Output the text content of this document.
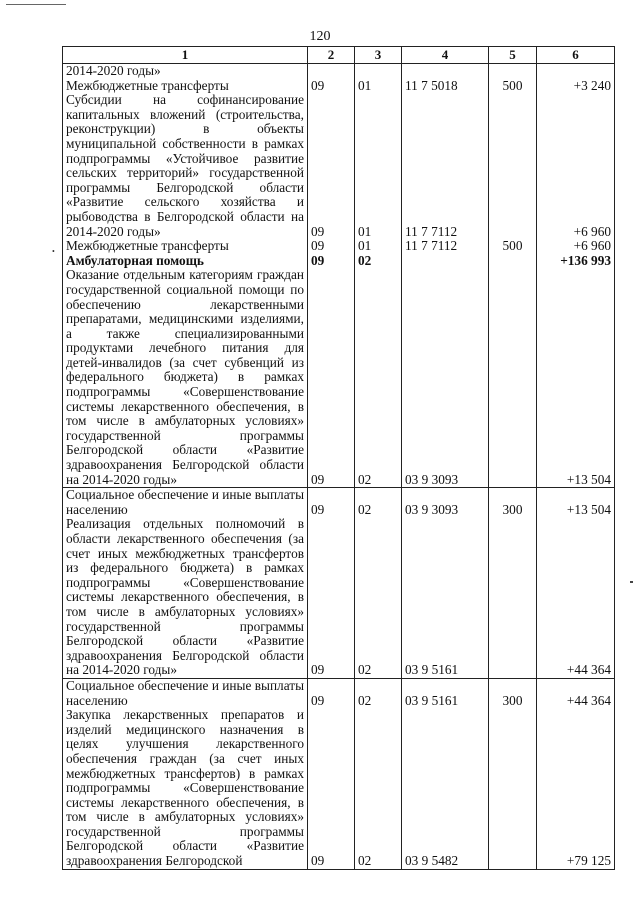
120
•
1	2	3	4	5	6
2014-2020 годы»					
Межбюджетные трансферты	09	01	11 7 5018	500	+3 240
Субсидии на софинансирование капитальных вложений (строительства, реконструкции) в объекты муниципальной собственности в рамках подпрограммы «Устойчивое развитие сельских территорий» государственной программы Белгородской области «Развитие сельского хозяйства и рыбоводства в Белгородской области на 2014-2020 годы»	09	01	11 7 7112		+6 960
Межбюджетные трансферты	09	01	11 7 7112	500	+6 960
Амбулаторная помощь	09	02			+136 993
Оказание отдельным категориям граждан государственной социальной помощи по обеспечению лекарственными препаратами, медицинскими изделиями, а также специализированными продуктами лечебного питания для детей-инвалидов (за счет субвенций из федерального бюджета) в рамках подпрограммы «Совершенствование системы лекарственного обеспечения, в том числе в амбулаторных условиях» государственной программы Белгородской области «Развитие здравоохранения Белгородской области на 2014-2020 годы»	09	02	03 9 3093		+13 504
Социальное обеспечение и иные выплаты населению	09	02	03 9 3093	300	+13 504
Реализация отдельных полномочий в области лекарственного обеспечения (за счет иных межбюджетных трансфертов из федерального бюджета) в рамках подпрограммы «Совершенствование системы лекарственного обеспечения, в том числе в амбулаторных условиях» государственной программы Белгородской области «Развитие здравоохранения Белгородской области на 2014-2020 годы»	09	02	03 9 5161		+44 364
Социальное обеспечение и иные выплаты населению	09	02	03 9 5161	300	+44 364
Закупка лекарственных препаратов и изделий медицинского назначения в целях улучшения лекарственного обеспечения граждан (за счет иных межбюджетных трансфертов) в рамках подпрограммы «Совершенствование системы лекарственного обеспечения, в том числе в амбулаторных условиях» государственной программы Белгородской области «Развитие здравоохранения Белгородской	09	02	03 9 5482		+79 125
